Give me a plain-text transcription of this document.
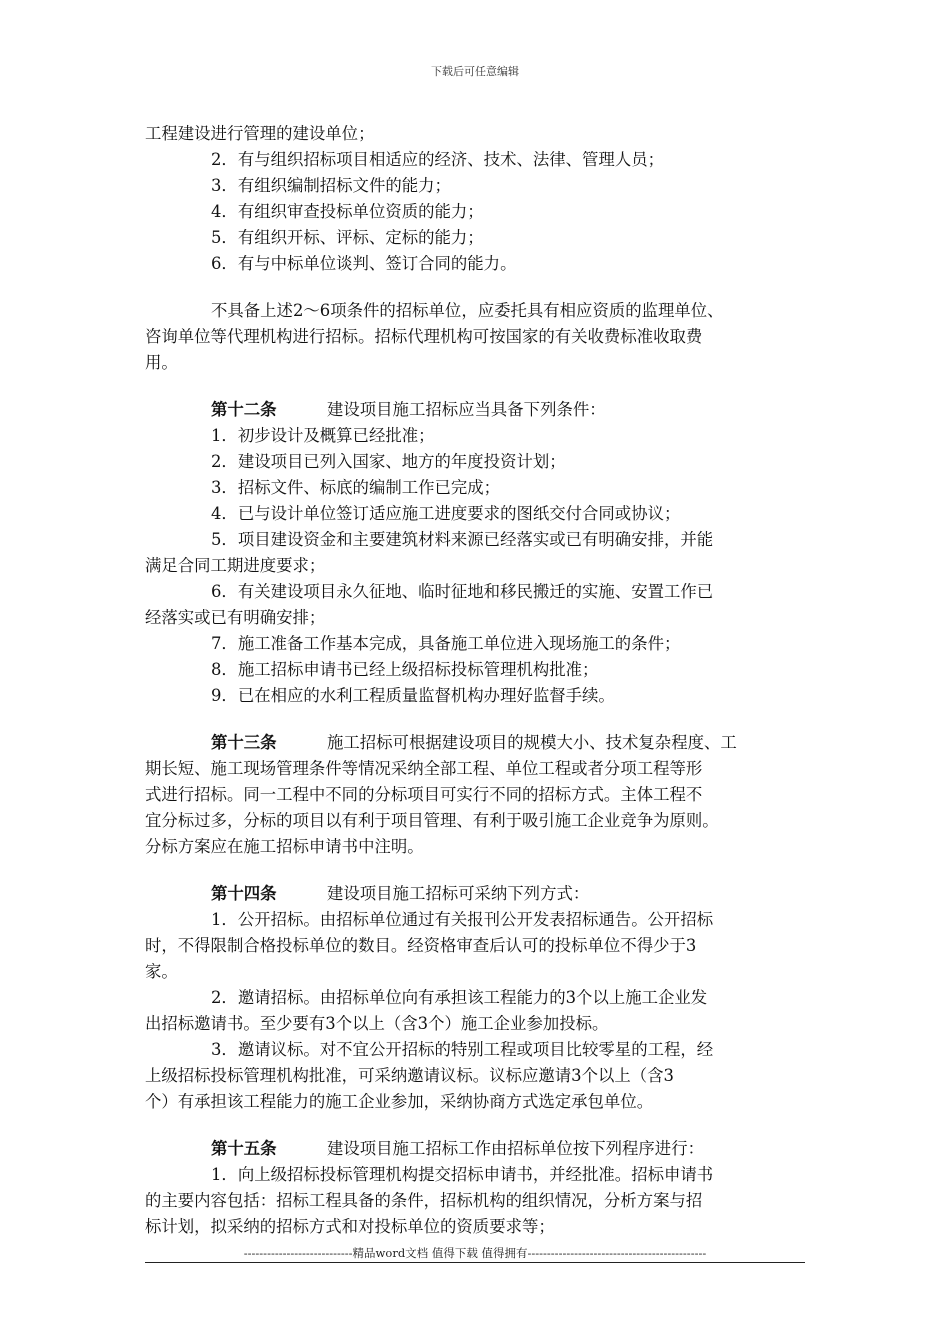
下载后可任意编辑
工程建设进行管理的建设单位；
2．有与组织招标项目相适应的经济、技术、法律、管理人员；
3．有组织编制招标文件的能力；
4．有组织审查投标单位资质的能力；
5．有组织开标、评标、定标的能力；
6．有与中标单位谈判、签订合同的能力。
不具备上述2～6项条件的招标单位，应委托具有相应资质的监理单位、
咨询单位等代理机构进行招标。招标代理机构可按国家的有关收费标准收取费
用。
第十二条	建设项目施工招标应当具备下列条件：
1．初步设计及概算已经批准；
2．建设项目已列入国家、地方的年度投资计划；
3．招标文件、标底的编制工作已完成；
4．已与设计单位签订适应施工进度要求的图纸交付合同或协议；
5．项目建设资金和主要建筑材料来源已经落实或已有明确安排，并能
满足合同工期进度要求；
6．有关建设项目永久征地、临时征地和移民搬迁的实施、安置工作已
经落实或已有明确安排；
7．施工准备工作基本完成，具备施工单位进入现场施工的条件；
8．施工招标申请书已经上级招标投标管理机构批准；
9．已在相应的水利工程质量监督机构办理好监督手续。
第十三条	施工招标可根据建设项目的规模大小、技术复杂程度、工
期长短、施工现场管理条件等情况采纳全部工程、单位工程或者分项工程等形
式进行招标。同一工程中不同的分标项目可实行不同的招标方式。主体工程不
宜分标过多，分标的项目以有利于项目管理、有利于吸引施工企业竞争为原则。
分标方案应在施工招标申请书中注明。
第十四条	建设项目施工招标可采纳下列方式：
1．公开招标。由招标单位通过有关报刊公开发表招标通告。公开招标
时，不得限制合格投标单位的数目。经资格审查后认可的投标单位不得少于3
家。
2．邀请招标。由招标单位向有承担该工程能力的3个以上施工企业发
出招标邀请书。至少要有3个以上（含3个）施工企业参加投标。
3．邀请议标。对不宜公开招标的特别工程或项目比较零星的工程，经
上级招标投标管理机构批准，可采纳邀请议标。议标应邀请3个以上（含3
个）有承担该工程能力的施工企业参加，采纳协商方式选定承包单位。
第十五条	建设项目施工招标工作由招标单位按下列程序进行：
1．向上级招标投标管理机构提交招标申请书，并经批准。招标申请书
的主要内容包括：招标工程具备的条件，招标机构的组织情况，分析方案与招
标计划，拟采纳的招标方式和对投标单位的资质要求等；
----------------------------精品word文档 值得下载 值得拥有----------------------------------------------
